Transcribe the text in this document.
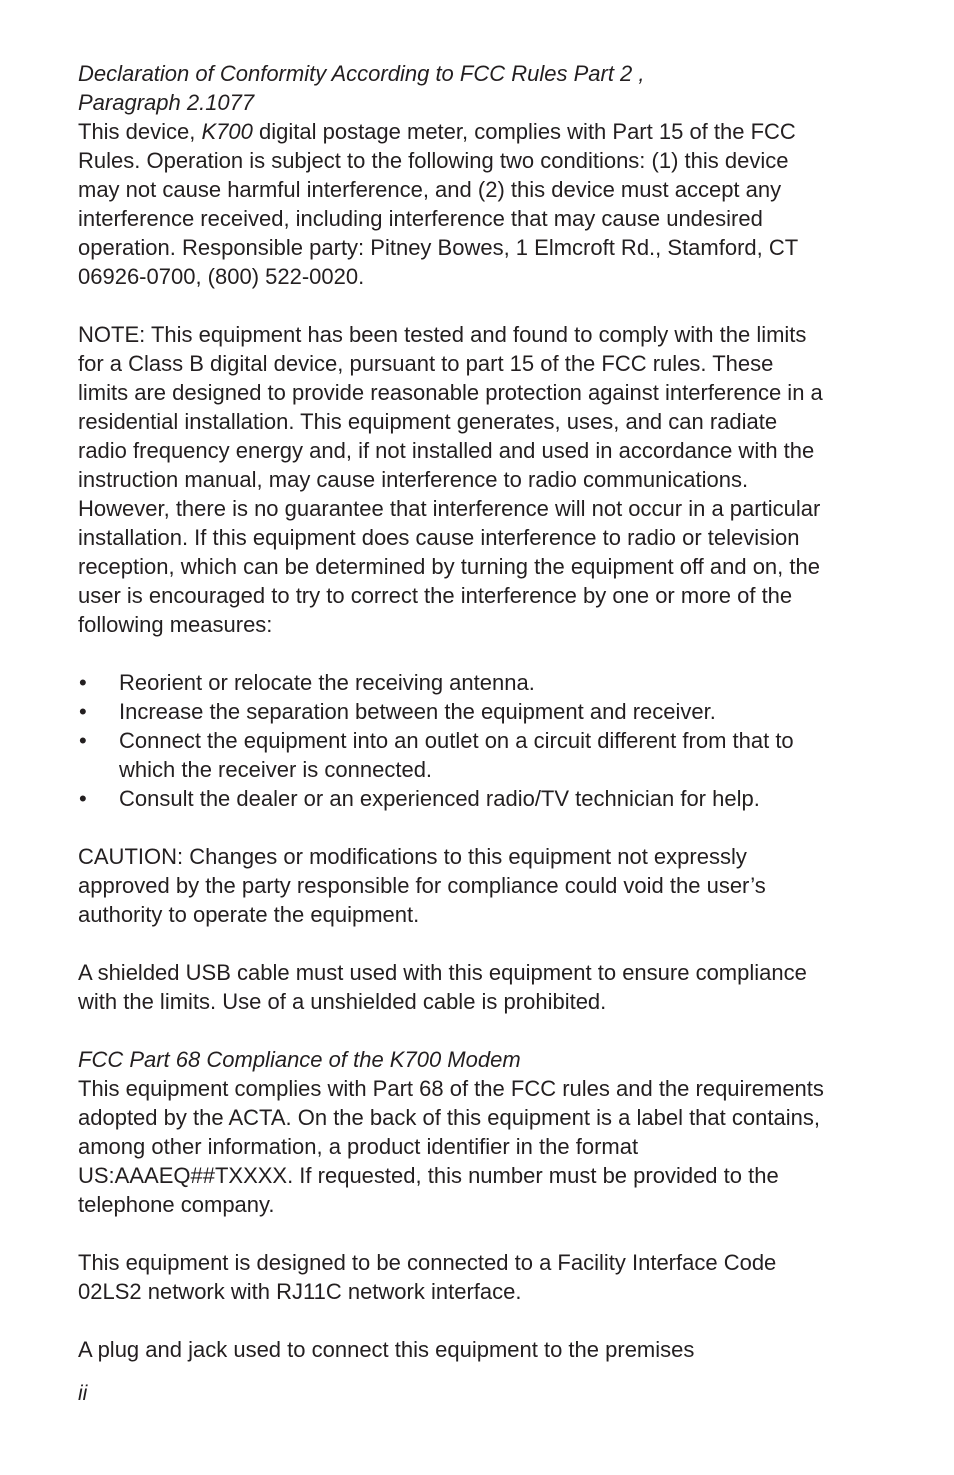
Declaration of Conformity According to FCC Rules Part 2 ,
Paragraph 2.1077

This device, K700 digital postage meter, complies with Part 15 of the FCC Rules. Operation is subject to the following two conditions: (1) this device may not cause harmful interference, and (2) this device must accept any interference received, including interference that may cause undesired operation. Responsible party: Pitney Bowes, 1 Elmcroft Rd., Stamford, CT 06926-0700, (800) 522-0020.

NOTE: This equipment has been tested and found to comply with the limits for a Class B digital device, pursuant to part 15 of the FCC rules. These limits are designed to provide reasonable protection against interference in a residential installation. This equipment generates, uses, and can radiate radio frequency energy and, if not installed and used in accordance with the instruction manual, may cause interference to radio communications. However, there is no guarantee that interference will not occur in a particular installation. If this equipment does cause interference to radio or television reception, which can be determined by turning the equipment off and on, the user is encouraged to try to correct the interference by one or more of the following measures:

• Reorient or relocate the receiving antenna.
• Increase the separation between the equipment and receiver.
• Connect the equipment into an outlet on a circuit different from that to which the receiver is connected.
• Consult the dealer or an experienced radio/TV technician for help.

CAUTION: Changes or modifications to this equipment not expressly approved by the party responsible for compliance could void the user’s authority to operate the equipment.

A shielded USB cable must used with this equipment to ensure compliance with the limits. Use of a unshielded cable is prohibited.

FCC Part 68 Compliance of the K700 Modem

This equipment complies with Part 68 of the FCC rules and the requirements adopted by the ACTA. On the back of this equipment is a label that contains, among other information, a product identifier in the format US:AAAEQ##TXXXX. If requested, this number must be provided to the telephone company.

This equipment is designed to be connected to a Facility Interface Code 02LS2 network with RJ11C network interface.

A plug and jack used to connect this equipment to the premises

ii
